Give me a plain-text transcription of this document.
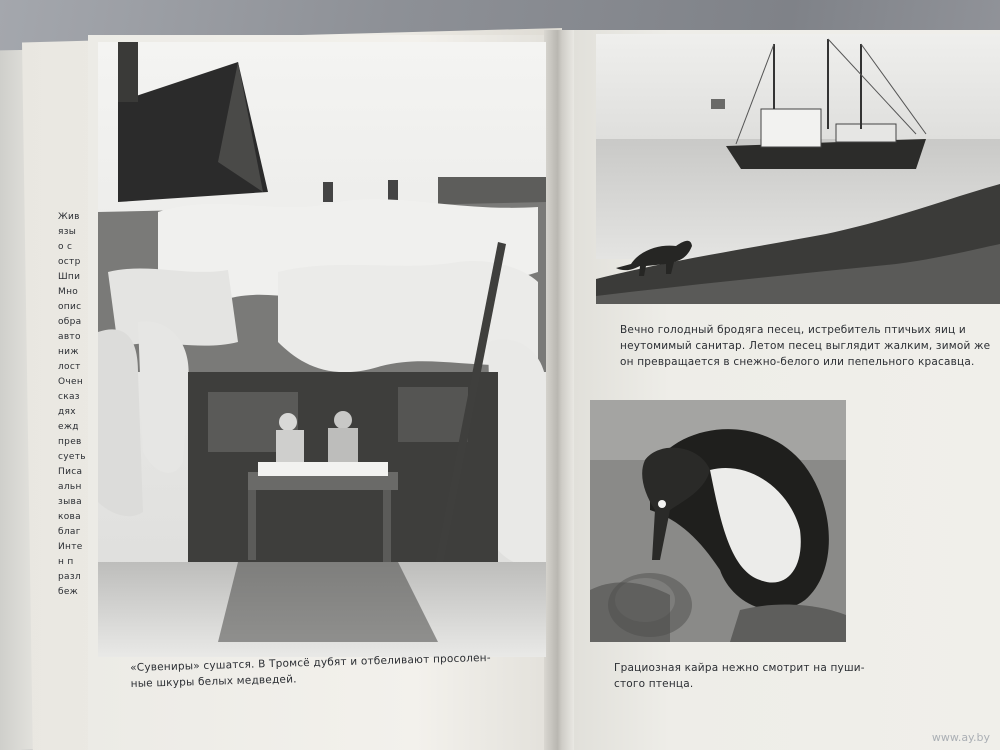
Жив
язы
о с
остр
Шпи
Мно
опис
обра
авто
ниж
лост
Очен
сказ
дях
ежд
прев
суеть
Писа
альн
зыва
кова
благ
Инте
н п
разл
беж
«Сувениры» сушатся. В Тромсё дубят и отбеливают просолен-
ные шкуры белых медведей.
Вечно голодный бродяга песец, истребитель птичьих яиц и
неутомимый санитар. Летом песец выглядит жалким, зимой же
он превращается в снежно-белого или пепельного красавца.
Грациозная кайра нежно смотрит на пуши-
стого птенца.
www.ay.by
